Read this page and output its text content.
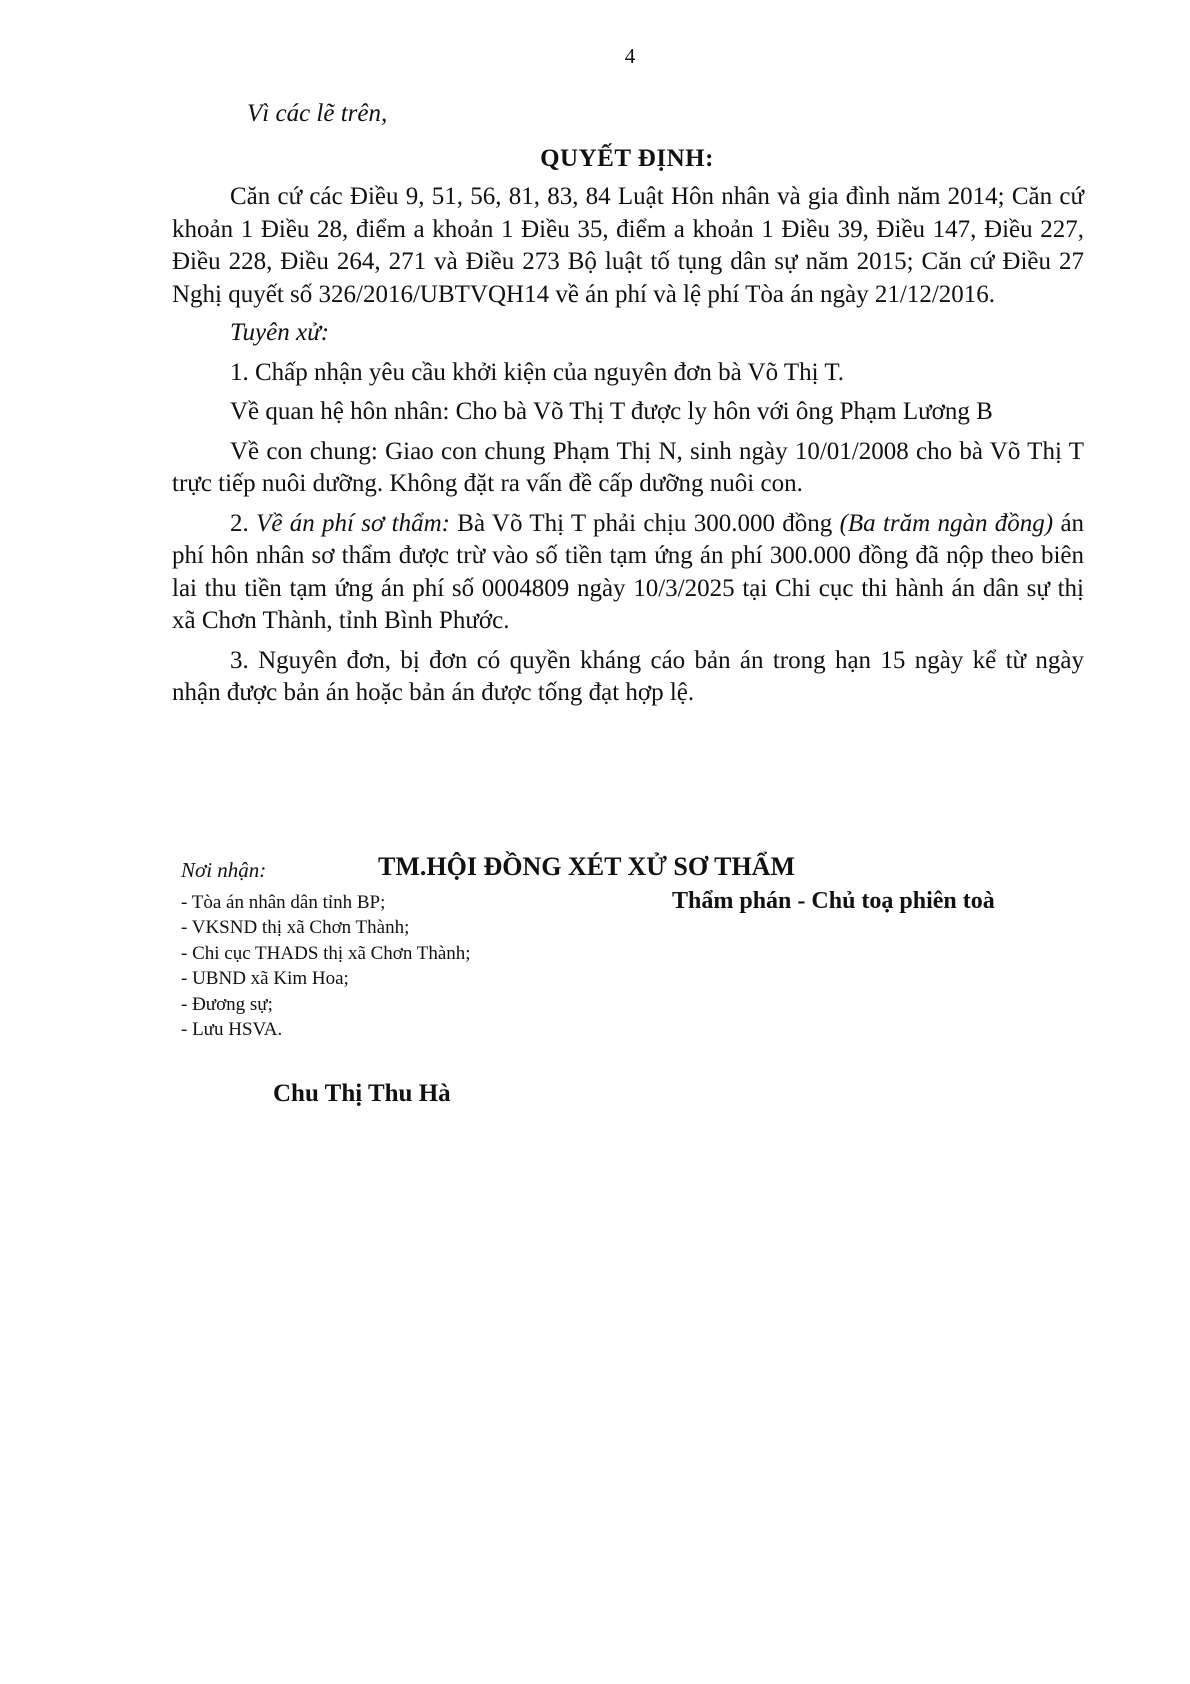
4
Vì các lẽ trên,
QUYẾT ĐỊNH:

Căn cứ các Điều 9, 51, 56, 81, 83, 84 Luật Hôn nhân và gia đình năm 2014; Căn cứ khoản 1 Điều 28, điểm a khoản 1 Điều 35, điểm a khoản 1 Điều 39, Điều 147, Điều 227, Điều 228, Điều 264, 271 và Điều 273 Bộ luật tố tụng dân sự năm 2015; Căn cứ Điều 27 Nghị quyết số 326/2016/UBTVQH14 về án phí và lệ phí Tòa án ngày 21/12/2016.

Tuyên xử:

1. Chấp nhận yêu cầu khởi kiện của nguyên đơn bà Võ Thị T.

Về quan hệ hôn nhân: Cho bà Võ Thị T được ly hôn với ông Phạm Lương B

Về con chung: Giao con chung Phạm Thị N, sinh ngày 10/01/2008 cho bà Võ Thị T trực tiếp nuôi dưỡng. Không đặt ra vấn đề cấp dưỡng nuôi con.

2. Về án phí sơ thẩm: Bà Võ Thị T phải chịu 300.000 đồng (Ba trăm ngàn đồng) án phí hôn nhân sơ thẩm được trừ vào số tiền tạm ứng án phí 300.000 đồng đã nộp theo biên lai thu tiền tạm ứng án phí số 0004809 ngày 10/3/2025 tại Chi cục thi hành án dân sự thị xã Chơn Thành, tỉnh Bình Phước.

3. Nguyên đơn, bị đơn có quyền kháng cáo bản án trong hạn 15 ngày kể từ ngày nhận được bản án hoặc bản án được tống đạt hợp lệ.

Nơi nhận:	TM.HỘI ĐỒNG XÉT XỬ SƠ THẨM
Thẩm phán - Chủ toạ phiên toà
- Tòa án nhân dân tỉnh BP;
- VKSND thị xã Chơn Thành;
- Chi cục THADS thị xã Chơn Thành;
- UBND xã Kim Hoa;
- Đương sự;
- Lưu HSVA.
Chu Thị Thu Hà
